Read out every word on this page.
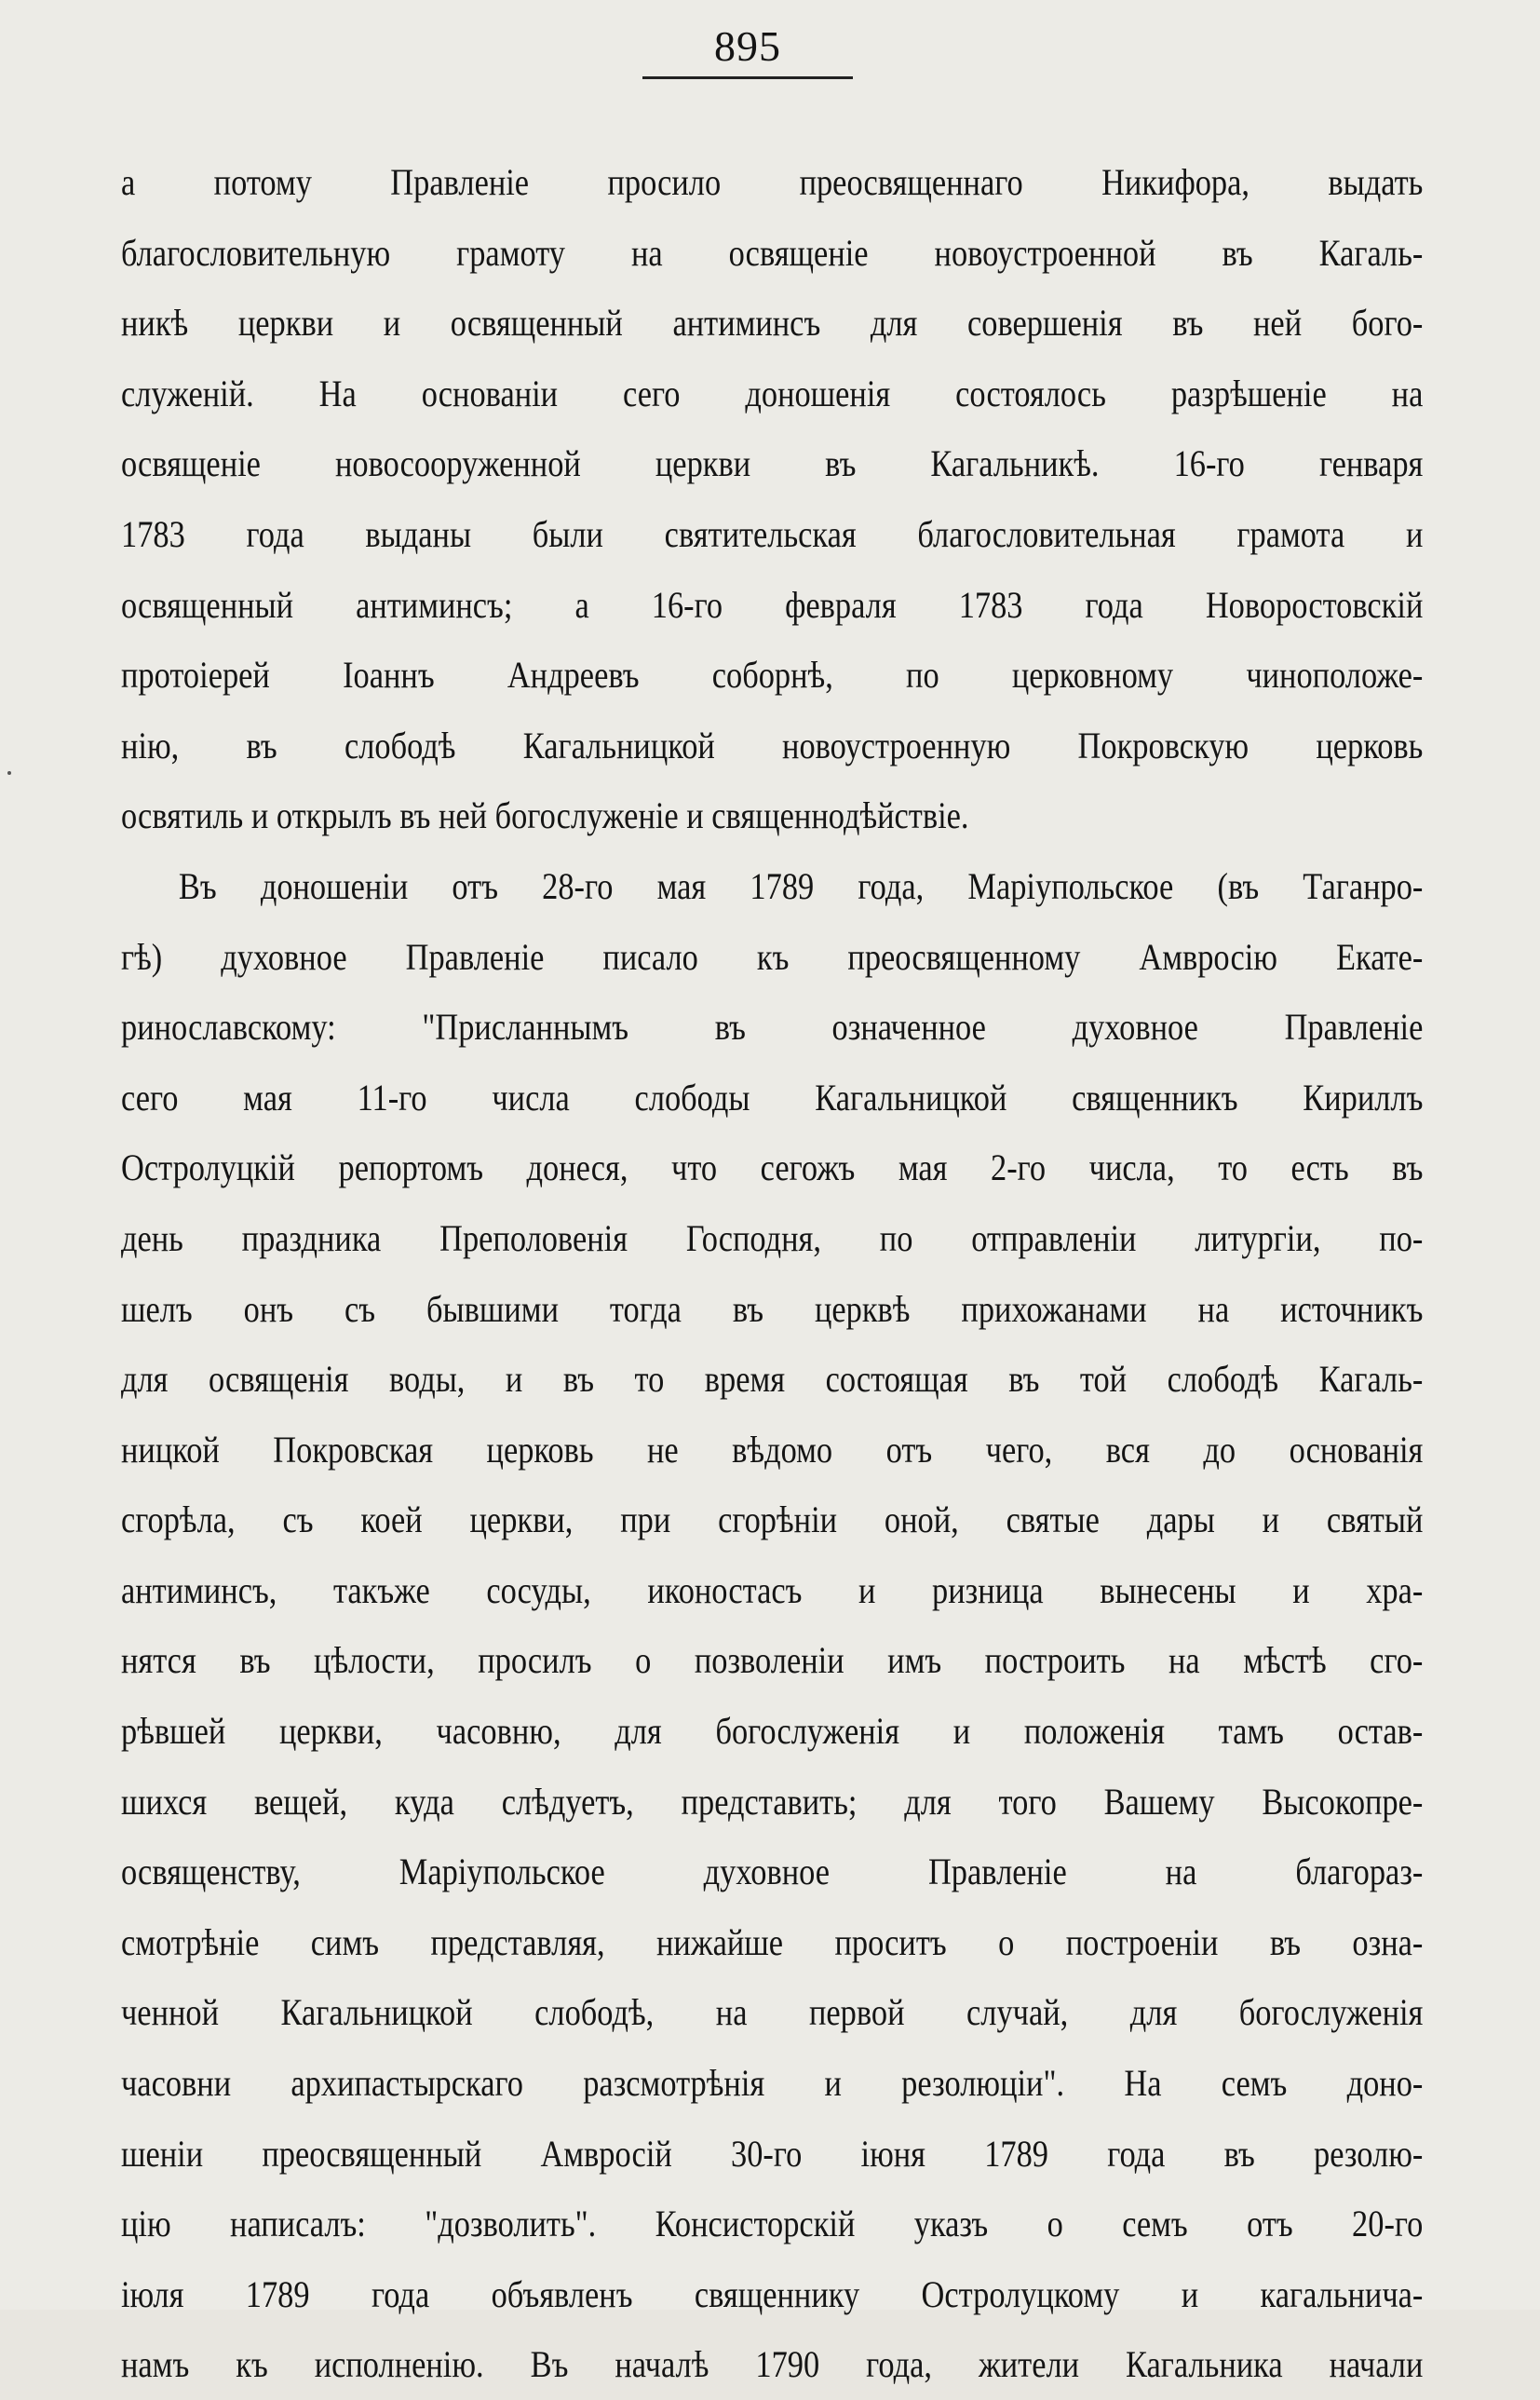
895
а потому Правленіе просило преосвященнаго Никифора, выдать
благословительную грамоту на освященіе новоустроенной въ Кагаль-
никѣ церкви и освященный антиминсъ для совершенія въ ней бого-
служеній. На основаніи сего доношенія состоялось разрѣшеніе на
освященіе новосооруженной церкви въ Кагальникѣ. 16-го генваря
1783 года выданы были святительская благословительная грамота и
освященный антиминсъ; а 16-го февраля 1783 года Новоростовскій
протоіерей Іоаннъ Андреевъ соборнѣ, по церковному чиноположе-
нію, въ слободѣ Кагальницкой новоустроенную Покровскую церковь
освятиль и открылъ въ ней богослуженіе и священнодѣйствіе.
Въ доношеніи отъ 28-го мая 1789 года, Маріупольское (въ Таганро-
гѣ) духовное Правленіе писало къ преосвященному Амвросію Екате-
ринославскому: "Присланнымъ въ означенное духовное Правленіе
сего мая 11-го числа слободы Кагальницкой священникъ Кириллъ
Остролуцкій репортомъ донеся, что сегожъ мая 2-го числа, то есть въ
день праздника Преполовенія Господня, по отправленіи литургіи, по-
шелъ онъ съ бывшими тогда въ церквѣ прихожанами на источникъ
для освященія воды, и въ то время состоящая въ той слободѣ Кагаль-
ницкой Покровская церковь не вѣдомо отъ чего, вся до основанія
сгорѣла, съ коей церкви, при сгорѣніи оной, святые дары и святый
антиминсъ, такъже сосуды, иконостасъ и ризница вынесены и хра-
нятся въ цѣлости, просилъ о позволеніи имъ построить на мѣстѣ сго-
рѣвшей церкви, часовню, для богослуженія и положенія тамъ остав-
шихся вещей, куда слѣдуетъ, представить; для того Вашему Высокопре-
освященству, Маріупольское духовное Правленіе на благораз-
смотрѣніе симъ представляя, нижайше проситъ о построеніи въ озна-
ченной Кагальницкой слободѣ, на первой случай, для богослуженія
часовни архипастырскаго разсмотрѣнія и резолюціи". На семъ доно-
шеніи преосвященный Амвросій 30-го іюня 1789 года въ резолю-
цію написалъ: "дозволить". Консисторскій указъ о семъ отъ 20-го
іюля 1789 года объявленъ священнику Остролуцкому и кагальнича-
намъ къ исполненію. Въ началѣ 1790 года, жители Кагальника начали
